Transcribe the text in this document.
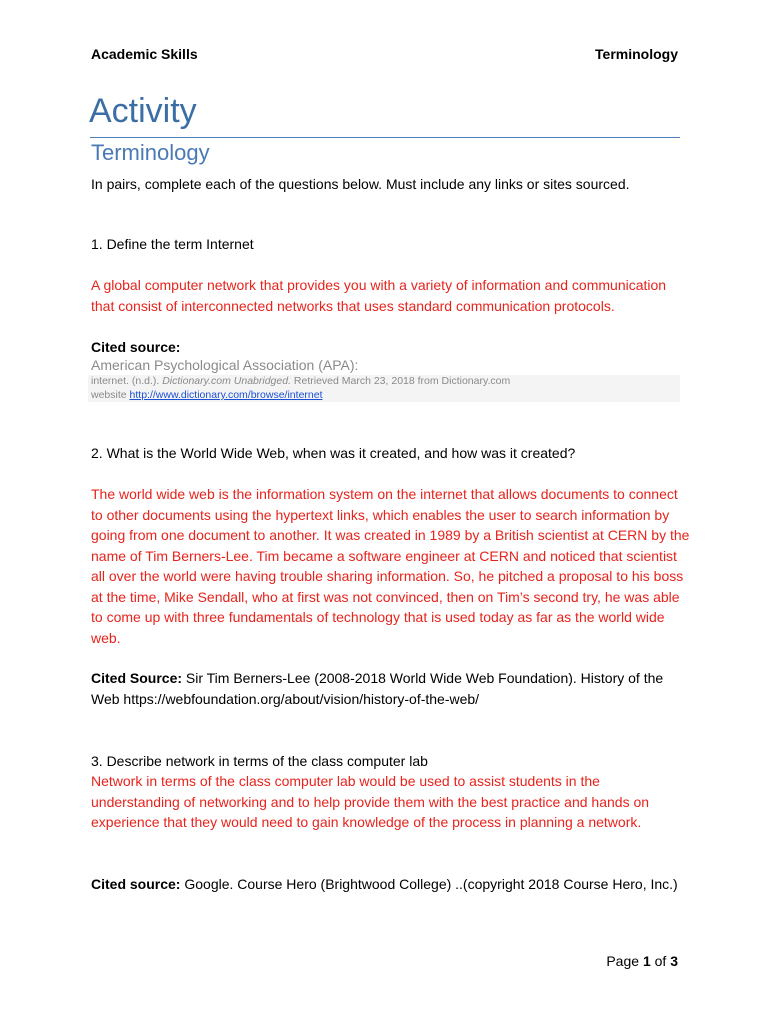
Academic Skills	Terminology
Activity
Terminology
In pairs, complete each of the questions below. Must include any links or sites sourced.
1. Define the term Internet
A global computer network that provides you with a variety of information and communication that consist of interconnected networks that uses standard communication protocols.
Cited source:
American Psychological Association (APA):
internet. (n.d.). Dictionary.com Unabridged. Retrieved March 23, 2018 from Dictionary.com
website http://www.dictionary.com/browse/internet
2. What is the World Wide Web, when was it created, and how was it created?
The world wide web is the information system on the internet that allows documents to connect to other documents using the hypertext links, which enables the user to search information by going from one document to another. It was created in 1989 by a British scientist at CERN by the name of Tim Berners-Lee. Tim became a software engineer at CERN and noticed that scientist all over the world were having trouble sharing information. So, he pitched a proposal to his boss at the time, Mike Sendall, who at first was not convinced, then on Tim’s second try, he was able to come up with three fundamentals of technology that is used today as far as the world wide web.
Cited Source: Sir Tim Berners-Lee (2008-2018 World Wide Web Foundation). History of the Web https://webfoundation.org/about/vision/history-of-the-web/
3. Describe network in terms of the class computer lab
Network in terms of the class computer lab would be used to assist students in the understanding of networking and to help provide them with the best practice and hands on experience that they would need to gain knowledge of the process in planning a network.
Cited source: Google. Course Hero (Brightwood College) ..(copyright 2018 Course Hero, Inc.)
Page 1 of 3
